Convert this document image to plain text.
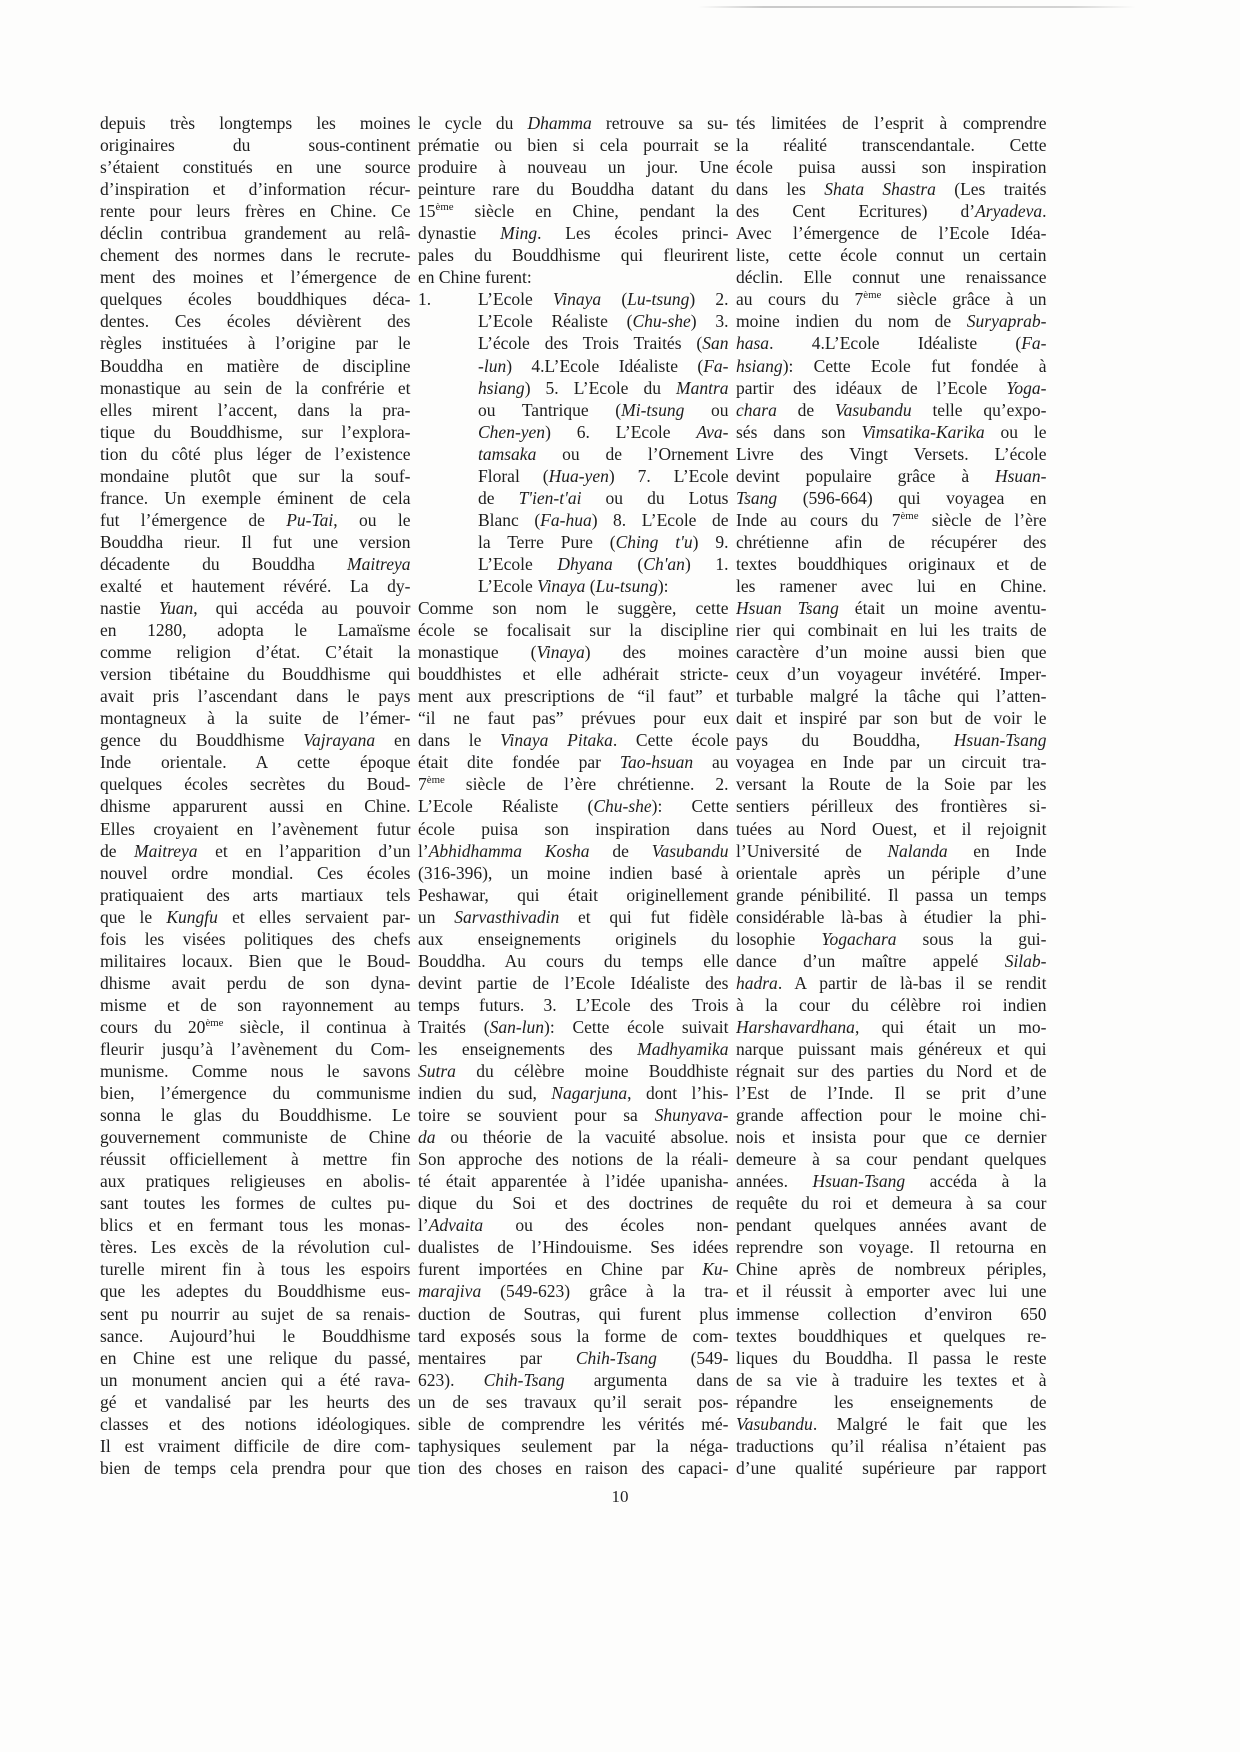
depuis très longtemps les moines
originaires du sous-continent
s’étaient constitués en une source
d’inspiration et d’information récur-
rente pour leurs frères en Chine. Ce
déclin contribua grandement au relâ-
chement des normes dans le recrute-
ment des moines et l’émergence de
quelques écoles bouddhiques déca-
dentes. Ces écoles dévièrent des
règles instituées à l’origine par le
Bouddha en matière de discipline
monastique au sein de la confrérie et
elles mirent l’accent, dans la pra-
tique du Bouddhisme, sur l’explora-
tion du côté plus léger de l’existence
mondaine plutôt que sur la souf-
france. Un exemple éminent de cela
fut l’émergence de Pu-Tai, ou le
Bouddha rieur. Il fut une version
décadente du Bouddha Maitreya
exalté et hautement révéré. La dy-
nastie Yuan, qui accéda au pouvoir
en 1280, adopta le Lamaïsme
comme religion d’état. C’était la
version tibétaine du Bouddhisme qui
avait pris l’ascendant dans le pays
montagneux à la suite de l’émer-
gence du Bouddhisme Vajrayana en
Inde orientale. A cette époque
quelques écoles secrètes du Boud-
dhisme apparurent aussi en Chine.
Elles croyaient en l’avènement futur
de Maitreya et en l’apparition d’un
nouvel ordre mondial. Ces écoles
pratiquaient des arts martiaux tels
que le Kungfu et elles servaient par-
fois les visées politiques des chefs
militaires locaux. Bien que le Boud-
dhisme avait perdu de son dyna-
misme et de son rayonnement au
cours du 20ème siècle, il continua à
fleurir jusqu’à l’avènement du Com-
munisme. Comme nous le savons
bien, l’émergence du communisme
sonna le glas du Bouddhisme. Le
gouvernement communiste de Chine
réussit officiellement à mettre fin
aux pratiques religieuses en abolis-
sant toutes les formes de cultes pu-
blics et en fermant tous les monas-
tères. Les excès de la révolution cul-
turelle mirent fin à tous les espoirs
que les adeptes du Bouddhisme eus-
sent pu nourrir au sujet de sa renais-
sance. Aujourd’hui le Bouddhisme
en Chine est une relique du passé,
un monument ancien qui a été rava-
gé et vandalisé par les heurts des
classes et des notions idéologiques.
Il est vraiment difficile de dire com-
bien de temps cela prendra pour que
le cycle du Dhamma retrouve sa su-
prématie ou bien si cela pourrait se
produire à nouveau un jour. Une
peinture rare du Bouddha datant du
15ème siècle en Chine, pendant la
dynastie Ming. Les écoles princi-
pales du Bouddhisme qui fleurirent
en Chine furent:
1.	L’Ecole Vinaya (Lu-tsung) 2.
L’Ecole Réaliste (Chu-she) 3.
L’école des Trois Traités (San
-lun) 4.L’Ecole Idéaliste (Fa-
hsiang) 5. L’Ecole du Mantra
ou Tantrique (Mi-tsung ou
Chen-yen) 6. L’Ecole Ava-
tamsaka ou de l’Ornement
Floral (Hua-yen) 7. L’Ecole
de T'ien-t'ai ou du Lotus
Blanc (Fa-hua) 8. L’Ecole de
la Terre Pure (Ching t'u) 9.
L’Ecole Dhyana (Ch'an) 1.
L’Ecole Vinaya (Lu-tsung):
Comme son nom le suggère, cette
école se focalisait sur la discipline
monastique (Vinaya) des moines
bouddhistes et elle adhérait stricte-
ment aux prescriptions de “il faut” et
“il ne faut pas” prévues pour eux
dans le Vinaya Pitaka. Cette école
était dite fondée par Tao-hsuan au
7ème siècle de l’ère chrétienne. 2.
L’Ecole Réaliste (Chu-she): Cette
école puisa son inspiration dans
l’Abhidhamma Kosha de Vasubandu
(316-396), un moine indien basé à
Peshawar, qui était originellement
un Sarvasthivadin et qui fut fidèle
aux enseignements originels du
Bouddha. Au cours du temps elle
devint partie de l’Ecole Idéaliste des
temps futurs. 3. L’Ecole des Trois
Traités (San-lun): Cette école suivait
les enseignements des Madhyamika
Sutra du célèbre moine Bouddhiste
indien du sud, Nagarjuna, dont l’his-
toire se souvient pour sa Shunyava-
da ou théorie de la vacuité absolue.
Son approche des notions de la réali-
té était apparentée à l’idée upanisha-
dique du Soi et des doctrines de
l’Advaita ou des écoles non-
dualistes de l’Hindouisme. Ses idées
furent importées en Chine par Ku-
marajiva (549-623) grâce à la tra-
duction de Soutras, qui furent plus
tard exposés sous la forme de com-
mentaires par Chih-Tsang (549-
623). Chih-Tsang argumenta dans
un de ses travaux qu’il serait pos-
sible de comprendre les vérités mé-
taphysiques seulement par la néga-
tion des choses en raison des capaci-
tés limitées de l’esprit à comprendre
la réalité transcendantale. Cette
école puisa aussi son inspiration
dans les Shata Shastra (Les traités
des Cent Ecritures) d’Aryadeva.
Avec l’émergence de l’Ecole Idéa-
liste, cette école connut un certain
déclin. Elle connut une renaissance
au cours du 7ème siècle grâce à un
moine indien du nom de Suryaprab-
hasa. 4.L’Ecole Idéaliste (Fa-
hsiang): Cette Ecole fut fondée à
partir des idéaux de l’Ecole Yoga-
chara de Vasubandu telle qu’expo-
sés dans son Vimsatika-Karika ou le
Livre des Vingt Versets. L’école
devint populaire grâce à Hsuan-
Tsang (596-664) qui voyagea en
Inde au cours du 7ème siècle de l’ère
chrétienne afin de récupérer des
textes bouddhiques originaux et de
les ramener avec lui en Chine.
Hsuan Tsang était un moine aventu-
rier qui combinait en lui les traits de
caractère d’un moine aussi bien que
ceux d’un voyageur invétéré. Imper-
turbable malgré la tâche qui l’atten-
dait et inspiré par son but de voir le
pays du Bouddha, Hsuan-Tsang
voyagea en Inde par un circuit tra-
versant la Route de la Soie par les
sentiers périlleux des frontières si-
tuées au Nord Ouest, et il rejoignit
l’Université de Nalanda en Inde
orientale après un périple d’une
grande pénibilité. Il passa un temps
considérable là-bas à étudier la phi-
losophie Yogachara sous la gui-
dance d’un maître appelé Silab-
hadra. A partir de là-bas il se rendit
à la cour du célèbre roi indien
Harshavardhana, qui était un mo-
narque puissant mais généreux et qui
régnait sur des parties du Nord et de
l’Est de l’Inde. Il se prit d’une
grande affection pour le moine chi-
nois et insista pour que ce dernier
demeure à sa cour pendant quelques
années. Hsuan-Tsang accéda à la
requête du roi et demeura à sa cour
pendant quelques années avant de
reprendre son voyage. Il retourna en
Chine après de nombreux périples,
et il réussit à emporter avec lui une
immense collection d’environ 650
textes bouddhiques et quelques re-
liques du Bouddha. Il passa le reste
de sa vie à traduire les textes et à
répandre les enseignements de
Vasubandu. Malgré le fait que les
traductions qu’il réalisa n’étaient pas
d’une qualité supérieure par rapport
10
